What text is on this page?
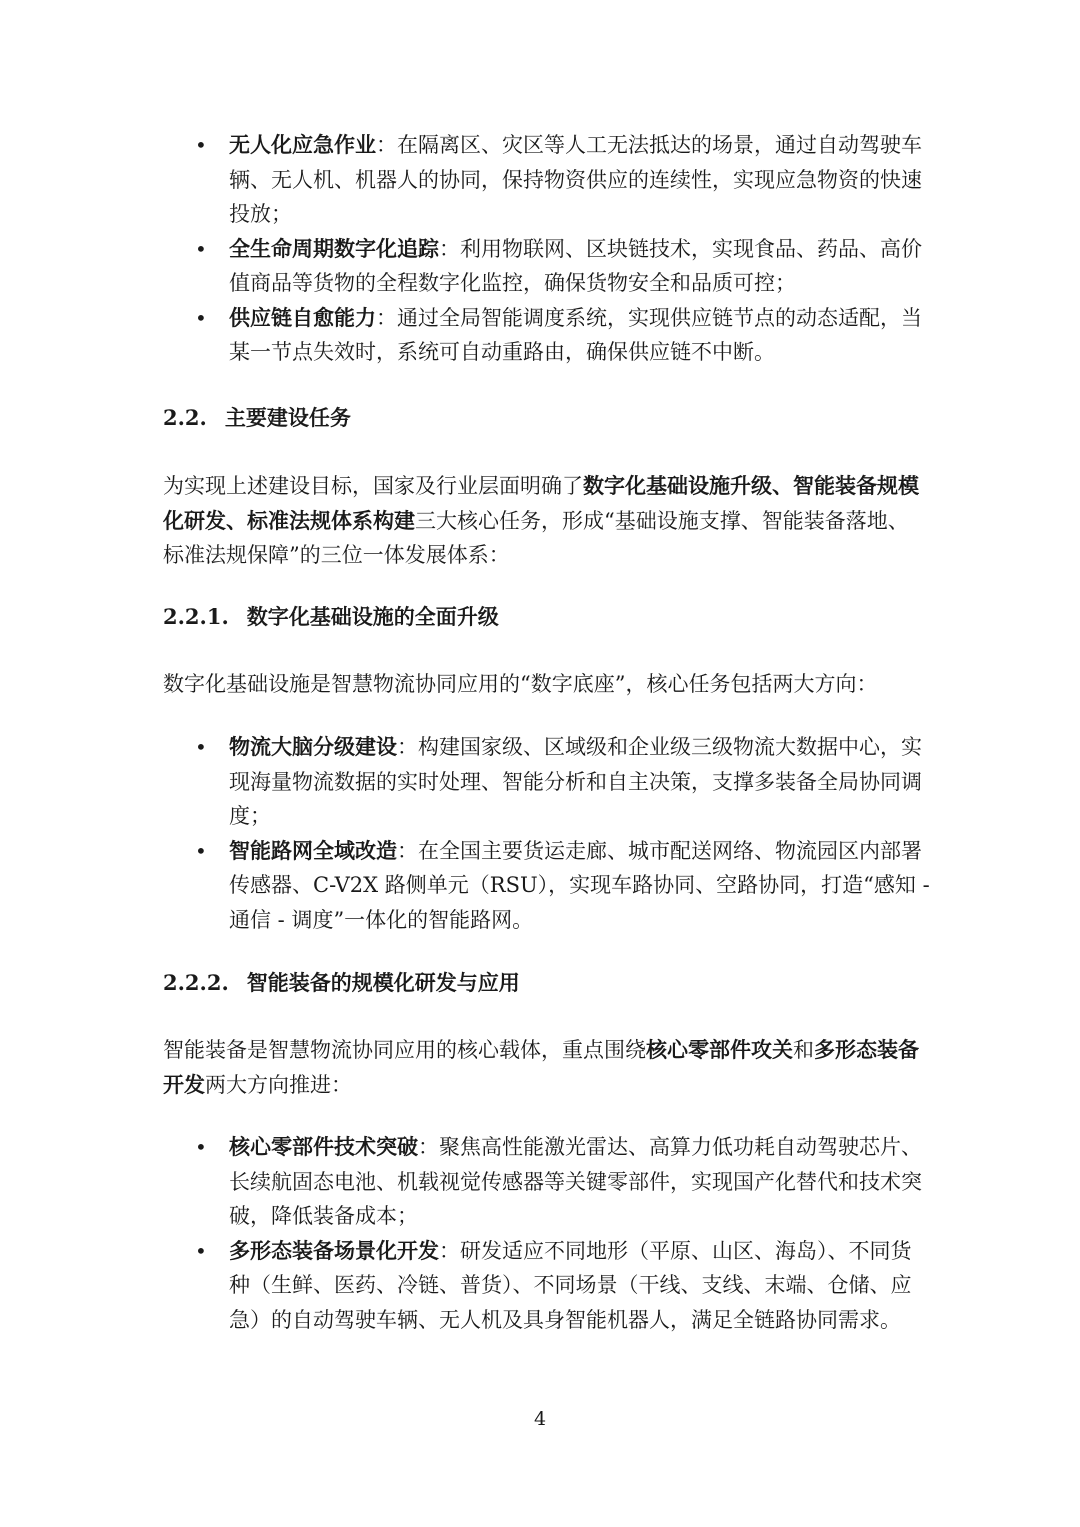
• 无人化应急作业：在隔离区、灾区等人工无法抵达的场景，通过自动驾驶车辆、无人机、机器人的协同，保持物资供应的连续性，实现应急物资的快速投放；
• 全生命周期数字化追踪：利用物联网、区块链技术，实现食品、药品、高价值商品等货物的全程数字化监控，确保货物安全和品质可控；
• 供应链自愈能力：通过全局智能调度系统，实现供应链节点的动态适配，当某一节点失效时，系统可自动重路由，确保供应链不中断。
2.2. 主要建设任务

为实现上述建设目标，国家及行业层面明确了数字化基础设施升级、智能装备规模化研发、标准法规体系构建三大核心任务，形成“基础设施支撑、智能装备落地、标准法规保障”的三位一体发展体系：

2.2.1. 数字化基础设施的全面升级

数字化基础设施是智慧物流协同应用的“数字底座”，核心任务包括两大方向：

• 物流大脑分级建设：构建国家级、区域级和企业级三级物流大数据中心，实现海量物流数据的实时处理、智能分析和自主决策，支撑多装备全局协同调度；
• 智能路网全域改造：在全国主要货运走廊、城市配送网络、物流园区内部署传感器、C-V2X 路侧单元（RSU），实现车路协同、空路协同，打造“感知 - 通信 - 调度”一体化的智能路网。
2.2.2. 智能装备的规模化研发与应用

智能装备是智慧物流协同应用的核心载体，重点围绕核心零部件攻关和多形态装备开发两大方向推进：

• 核心零部件技术突破：聚焦高性能激光雷达、高算力低功耗自动驾驶芯片、长续航固态电池、机载视觉传感器等关键零部件，实现国产化替代和技术突破，降低装备成本；
• 多形态装备场景化开发：研发适应不同地形（平原、山区、海岛）、不同货种（生鲜、医药、冷链、普货）、不同场景（干线、支线、末端、仓储、应急）的自动驾驶车辆、无人机及具身智能机器人，满足全链路协同需求。
4
